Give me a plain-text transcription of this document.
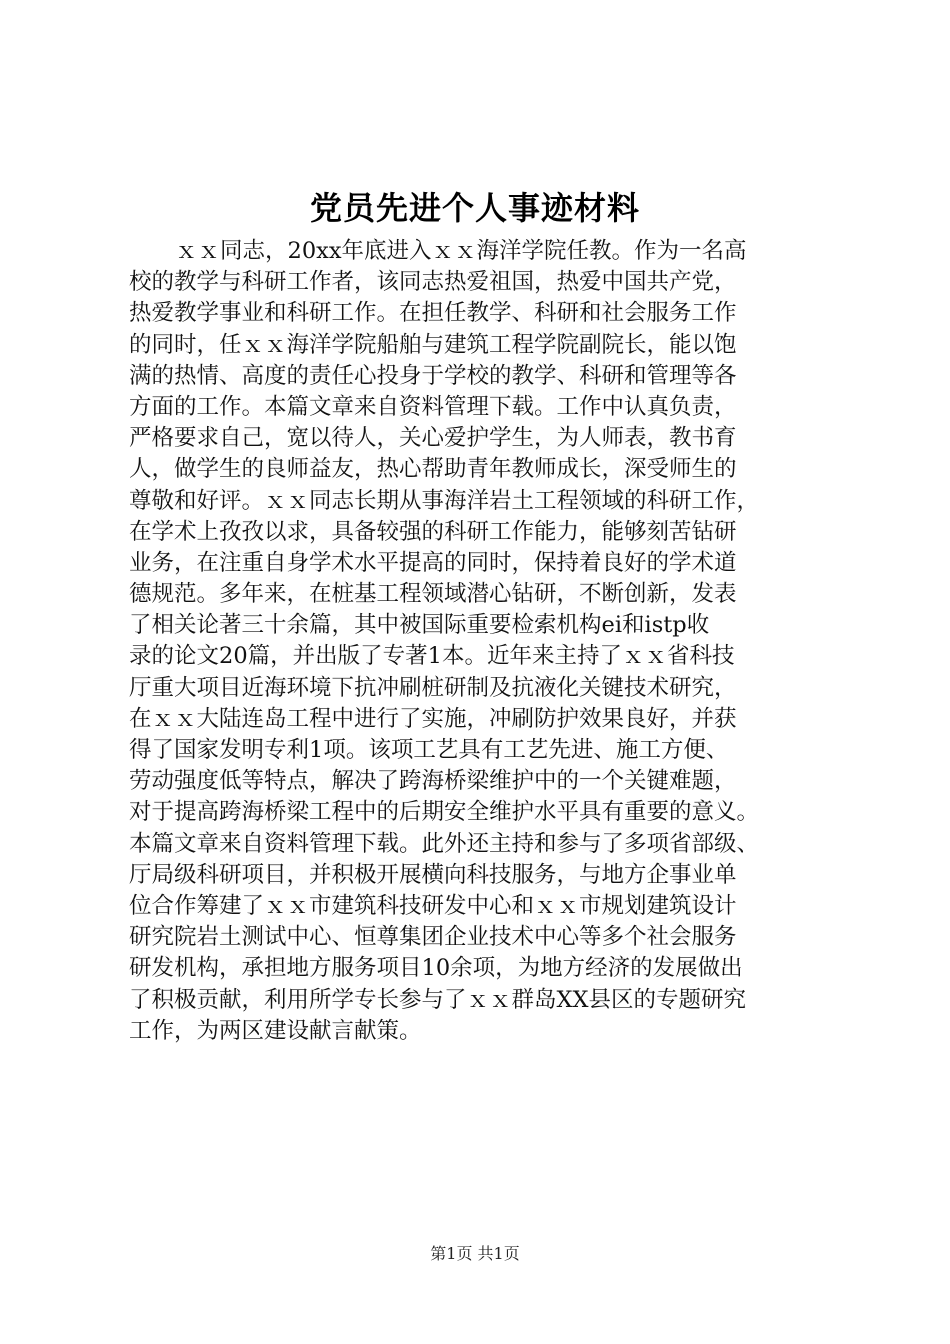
党员先进个人事迹材料
ｘｘ同志，20xx年底进入ｘｘ海洋学院任教。作为一名高
校的教学与科研工作者，该同志热爱祖国，热爱中国共产党，
热爱教学事业和科研工作。在担任教学、科研和社会服务工作
的同时，任ｘｘ海洋学院船舶与建筑工程学院副院长，能以饱
满的热情、高度的责任心投身于学校的教学、科研和管理等各
方面的工作。本篇文章来自资料管理下载。工作中认真负责，
严格要求自己，宽以待人，关心爱护学生，为人师表，教书育
人，做学生的良师益友，热心帮助青年教师成长，深受师生的
尊敬和好评。ｘｘ同志长期从事海洋岩土工程领域的科研工作，
在学术上孜孜以求，具备较强的科研工作能力，能够刻苦钻研
业务，在注重自身学术水平提高的同时，保持着良好的学术道
德规范。多年来，在桩基工程领域潜心钻研，不断创新，发表
了相关论著三十余篇，其中被国际重要检索机构ei和istp收
录的论文20篇，并出版了专著1本。近年来主持了ｘｘ省科技
厅重大项目近海环境下抗冲刷桩研制及抗液化关键技术研究，
在ｘｘ大陆连岛工程中进行了实施，冲刷防护效果良好，并获
得了国家发明专利1项。该项工艺具有工艺先进、施工方便、
劳动强度低等特点，解决了跨海桥梁维护中的一个关键难题，
对于提高跨海桥梁工程中的后期安全维护水平具有重要的意义。
本篇文章来自资料管理下载。此外还主持和参与了多项省部级、
厅局级科研项目，并积极开展横向科技服务，与地方企事业单
位合作筹建了ｘｘ市建筑科技研发中心和ｘｘ市规划建筑设计
研究院岩土测试中心、恒尊集团企业技术中心等多个社会服务
研发机构，承担地方服务项目10余项，为地方经济的发展做出
了积极贡献，利用所学专长参与了ｘｘ群岛XX县区的专题研究
工作，为两区建设献言献策。
第1页 共1页
